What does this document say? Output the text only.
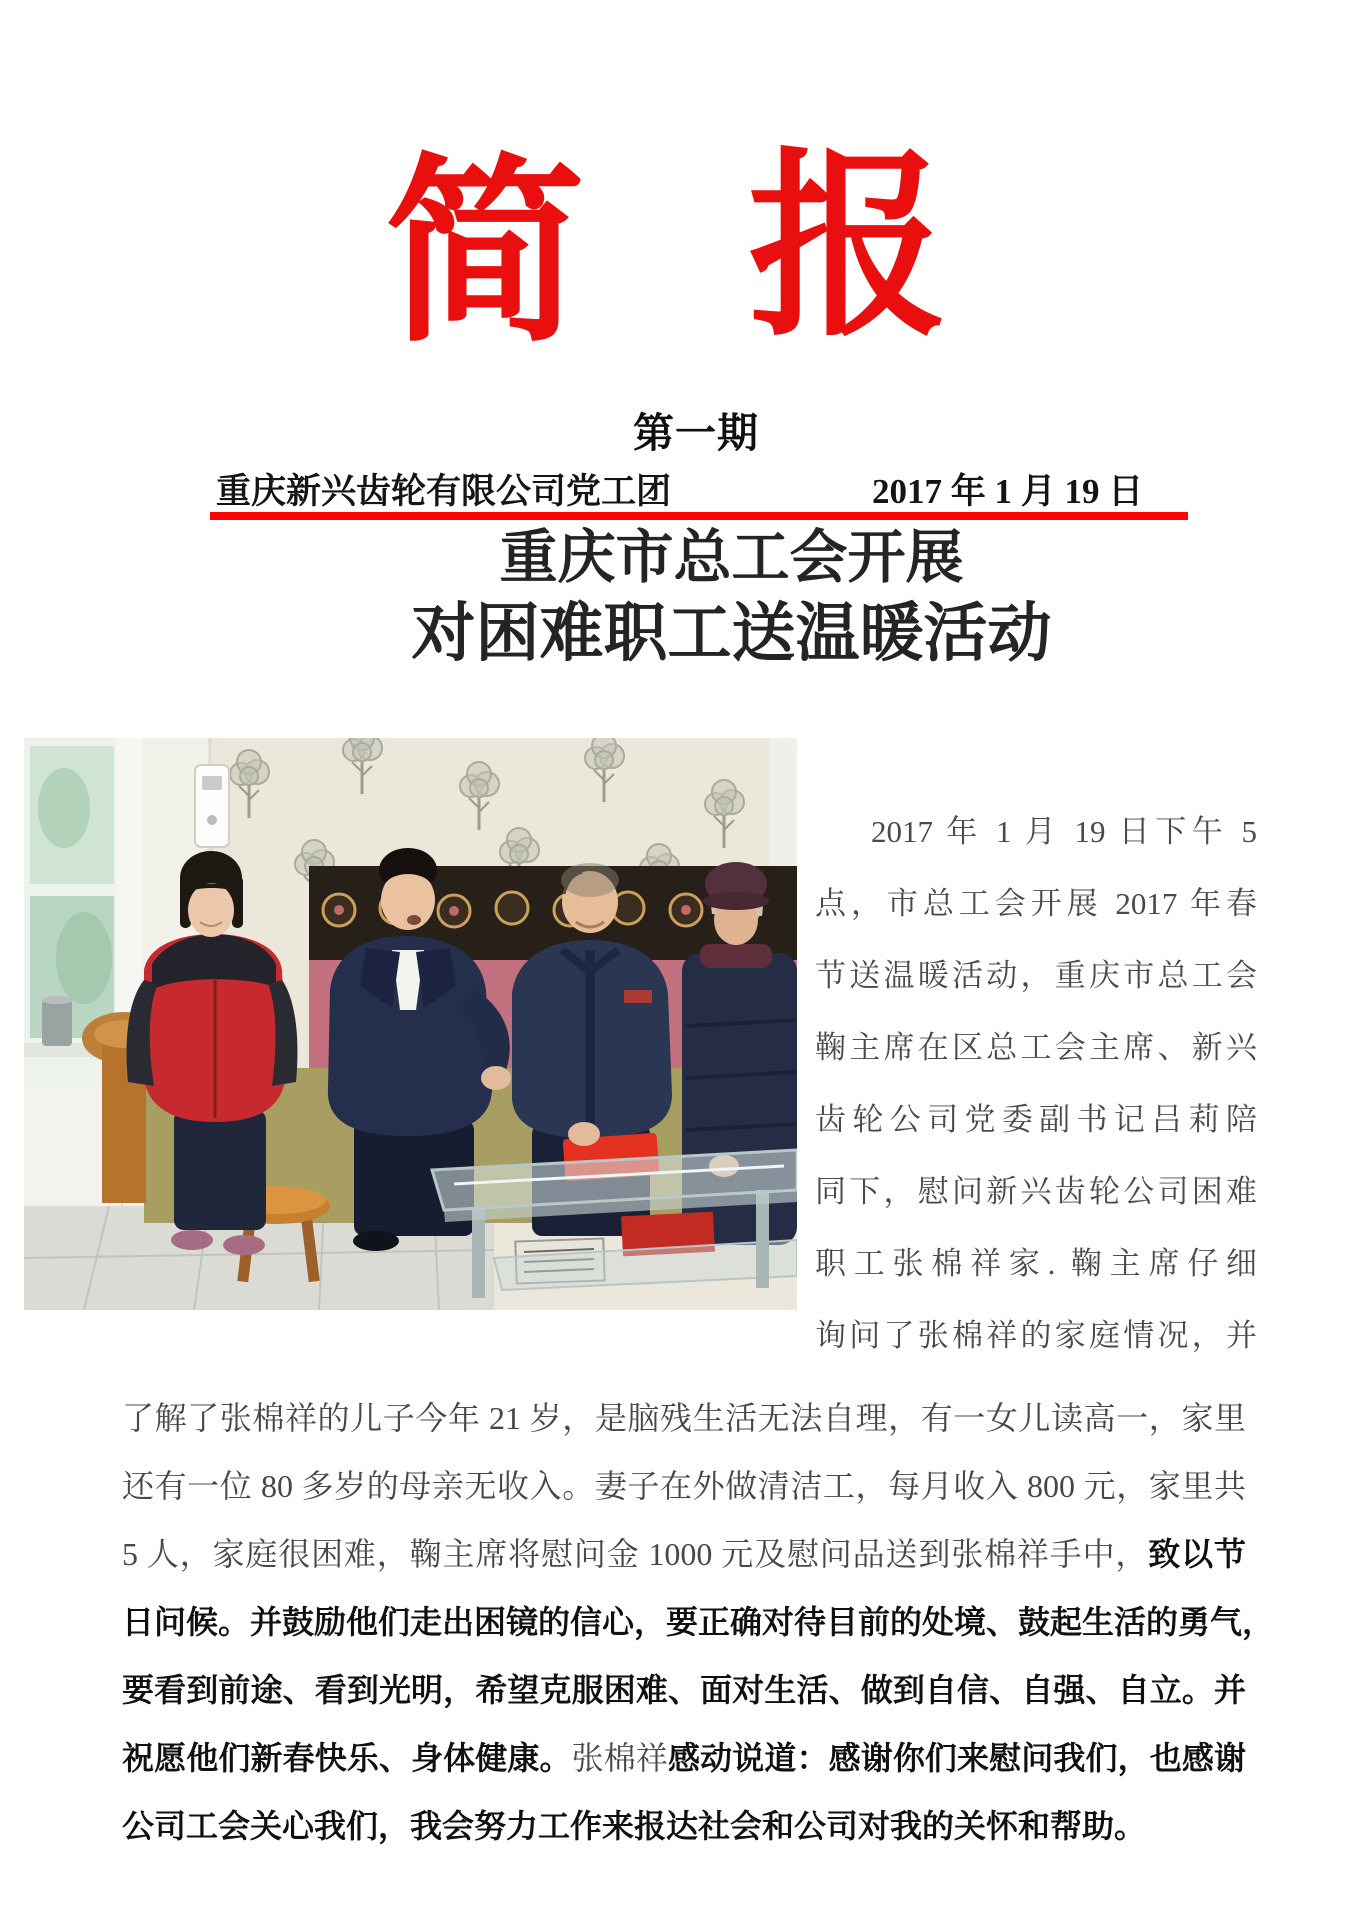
简 报
第一期
重庆新兴齿轮有限公司党工团	2017 年 1 月 19 日
重庆市总工会开展
对困难职工送温暖活动
2017 年 1 月 19 日下午 5
点，市总工会开展 2017 年春
节送温暖活动，重庆市总工会
鞠主席在区总工会主席、新兴
齿轮公司党委副书记吕莉陪
同下，慰问新兴齿轮公司困难
职工张棉祥家. 鞠主席仔细
询问了张棉祥的家庭情况，并
了解了张棉祥的儿子今年 21 岁，是脑残生活无法自理，有一女儿读高一，家里
还有一位 80 多岁的母亲无收入。妻子在外做清洁工，每月收入 800 元，家里共
5 人，家庭很困难，鞠主席将慰问金 1000 元及慰问品送到张棉祥手中，致以节
日问候。并鼓励他们走出困镜的信心，要正确对待目前的处境、鼓起生活的勇气，
要看到前途、看到光明，希望克服困难、面对生活、做到自信、自强、自立。并
祝愿他们新春快乐、身体健康。张棉祥感动说道：感谢你们来慰问我们，也感谢
公司工会关心我们，我会努力工作来报达社会和公司对我的关怀和帮助。
